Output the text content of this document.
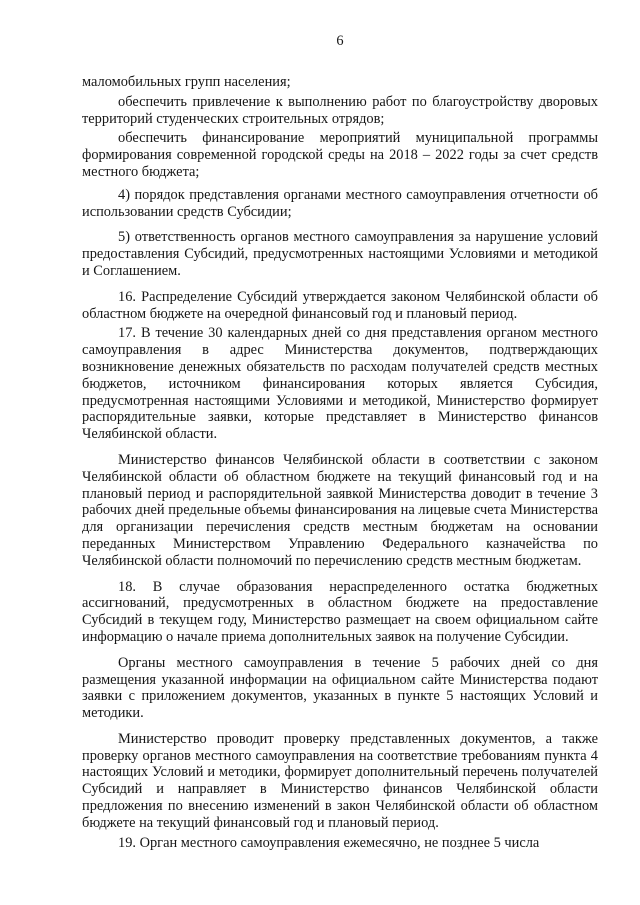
6

маломобильных групп населения;

обеспечить привлечение к выполнению работ по благоустройству дворовых территорий студенческих строительных отрядов;

обеспечить финансирование мероприятий муниципальной программы формирования современной городской среды на 2018 – 2022 годы за счет средств местного бюджета;

4) порядок представления органами местного самоуправления отчетности об использовании средств Субсидии;

5) ответственность органов местного самоуправления за нарушение условий предоставления Субсидий, предусмотренных настоящими Условиями и методикой и Соглашением.

16. Распределение Субсидий утверждается законом Челябинской области об областном бюджете на очередной финансовый год и плановый период.

17. В течение 30 календарных дней со дня представления органом местного самоуправления в адрес Министерства документов, подтверждающих возникновение денежных обязательств по расходам получателей средств местных бюджетов, источником финансирования которых является Субсидия, предусмотренная настоящими Условиями и методикой, Министерство формирует распорядительные заявки, которые представляет в Министерство финансов Челябинской области.

Министерство финансов Челябинской области в соответствии с законом Челябинской области об областном бюджете на текущий финансовый год и на плановый период и распорядительной заявкой Министерства доводит в течение 3 рабочих дней предельные объемы финансирования на лицевые счета Министерства для организации перечисления средств местным бюджетам на основании переданных Министерством Управлению Федерального казначейства по Челябинской области полномочий по перечислению средств местным бюджетам.

18. В случае образования нераспределенного остатка бюджетных ассигнований, предусмотренных в областном бюджете на предоставление Субсидий в текущем году, Министерство размещает на своем официальном сайте информацию о начале приема дополнительных заявок на получение Субсидии.

Органы местного самоуправления в течение 5 рабочих дней со дня размещения указанной информации на официальном сайте Министерства подают заявки с приложением документов, указанных в пункте 5 настоящих Условий и методики.

Министерство проводит проверку представленных документов, а также проверку органов местного самоуправления на соответствие требованиям пункта 4 настоящих Условий и методики, формирует дополнительный перечень получателей Субсидий и направляет в Министерство финансов Челябинской области предложения по внесению изменений в закон Челябинской области об областном бюджете на текущий финансовый год и плановый период.

19. Орган местного самоуправления ежемесячно, не позднее 5 числа
